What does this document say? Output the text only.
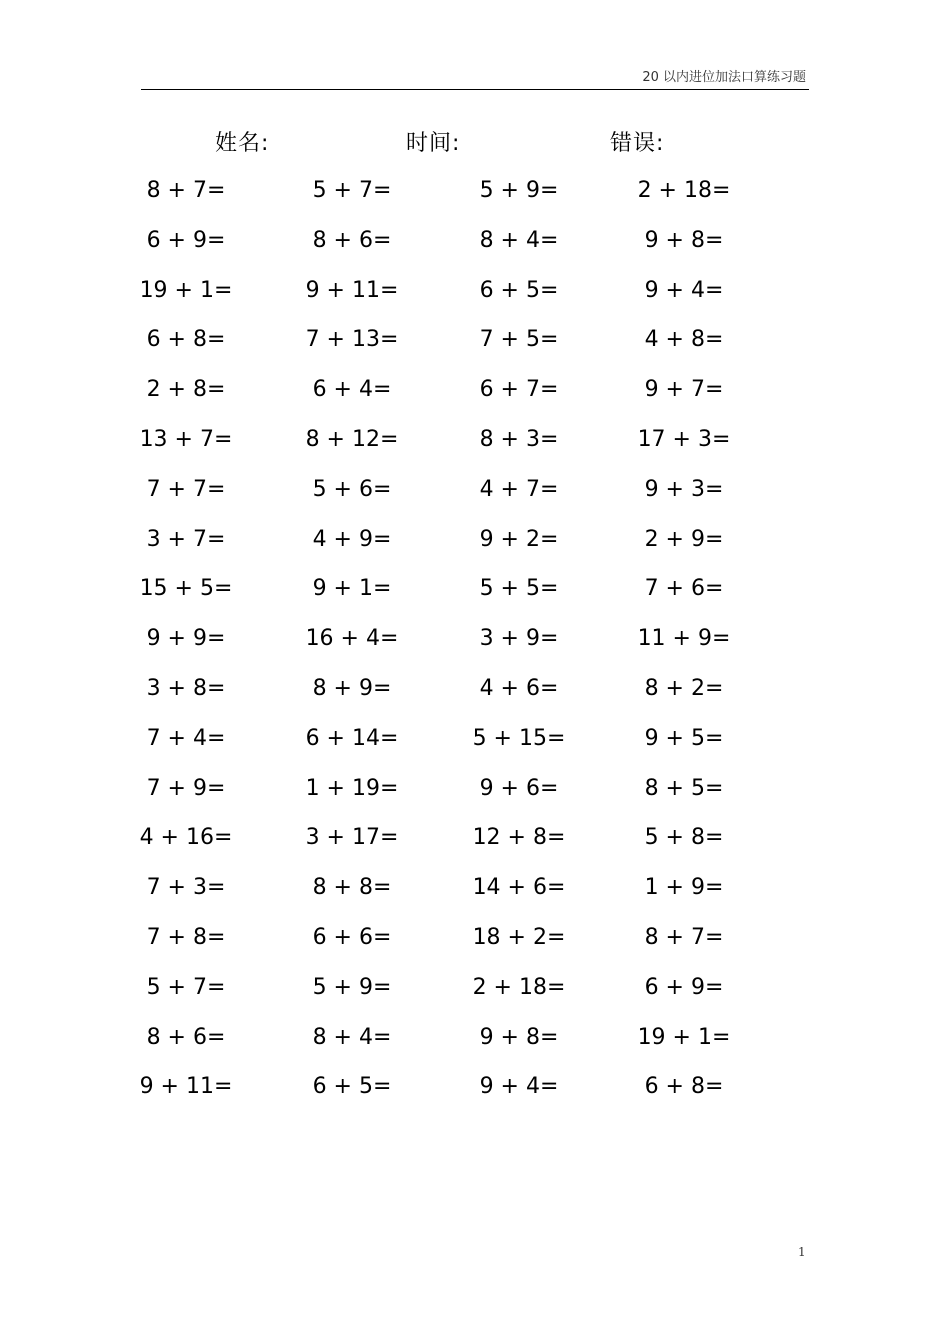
20 以内进位加法口算练习题
姓名:	时间:	错误:
8 + 7=	5 + 7=	5 + 9=	2 + 18=
6 + 9=	8 + 6=	8 + 4=	9 + 8=
19 + 1=	9 + 11=	6 + 5=	9 + 4=
6 + 8=	7 + 13=	7 + 5=	4 + 8=
2 + 8=	6 + 4=	6 + 7=	9 + 7=
13 + 7=	8 + 12=	8 + 3=	17 + 3=
7 + 7=	5 + 6=	4 + 7=	9 + 3=
3 + 7=	4 + 9=	9 + 2=	2 + 9=
15 + 5=	9 + 1=	5 + 5=	7 + 6=
9 + 9=	16 + 4=	3 + 9=	11 + 9=
3 + 8=	8 + 9=	4 + 6=	8 + 2=
7 + 4=	6 + 14=	5 + 15=	9 + 5=
7 + 9=	1 + 19=	9 + 6=	8 + 5=
4 + 16=	3 + 17=	12 + 8=	5 + 8=
7 + 3=	8 + 8=	14 + 6=	1 + 9=
7 + 8=	6 + 6=	18 + 2=	8 + 7=
5 + 7=	5 + 9=	2 + 18=	6 + 9=
8 + 6=	8 + 4=	9 + 8=	19 + 1=
9 + 11=	6 + 5=	9 + 4=	6 + 8=
1
